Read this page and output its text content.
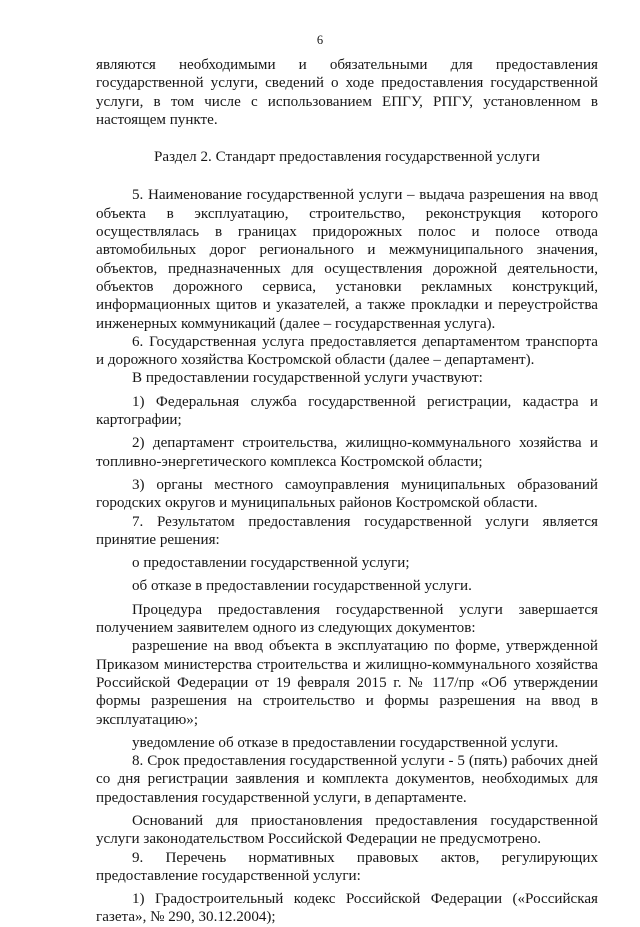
6

являются необходимыми и обязательными для предоставления государственной услуги, сведений о ходе предоставления государственной услуги, в том числе с использованием ЕПГУ, РПГУ, установленном в настоящем пункте.

Раздел 2. Стандарт предоставления государственной услуги

5. Наименование государственной услуги – выдача разрешения на ввод объекта в эксплуатацию, строительство, реконструкция которого осуществлялась в границах придорожных полос и полосе отвода автомобильных дорог регионального и межмуниципального значения, объектов, предназначенных для осуществления дорожной деятельности, объектов дорожного сервиса, установки рекламных конструкций, информационных щитов и указателей, а также прокладки и переустройства инженерных коммуникаций (далее – государственная услуга).

6. Государственная услуга предоставляется департаментом транспорта и дорожного хозяйства Костромской области (далее – департамент).

В предоставлении государственной услуги участвуют:

1) Федеральная служба государственной регистрации, кадастра и картографии;

2) департамент строительства, жилищно-коммунального хозяйства и топливно-энергетического комплекса Костромской области;

3) органы местного самоуправления муниципальных образований городских округов и муниципальных районов Костромской области.

7. Результатом предоставления государственной услуги является принятие решения:

о предоставлении государственной услуги;

об отказе в предоставлении государственной услуги.

Процедура предоставления государственной услуги завершается получением заявителем одного из следующих документов:

разрешение на ввод объекта в эксплуатацию по форме, утвержденной Приказом министерства строительства и жилищно-коммунального хозяйства Российской Федерации от 19 февраля 2015 г. № 117/пр «Об утверждении формы разрешения на строительство и формы разрешения на ввод в эксплуатацию»;

уведомление об отказе в предоставлении государственной услуги.

8. Срок предоставления государственной услуги - 5 (пять) рабочих дней со дня регистрации заявления и комплекта документов, необходимых для предоставления государственной услуги, в департаменте.

Оснований для приостановления предоставления государственной услуги законодательством Российской Федерации не предусмотрено.

9. Перечень нормативных правовых актов, регулирующих предоставление государственной услуги:

1) Градостроительный кодекс Российской Федерации («Российская газета», № 290, 30.12.2004);
